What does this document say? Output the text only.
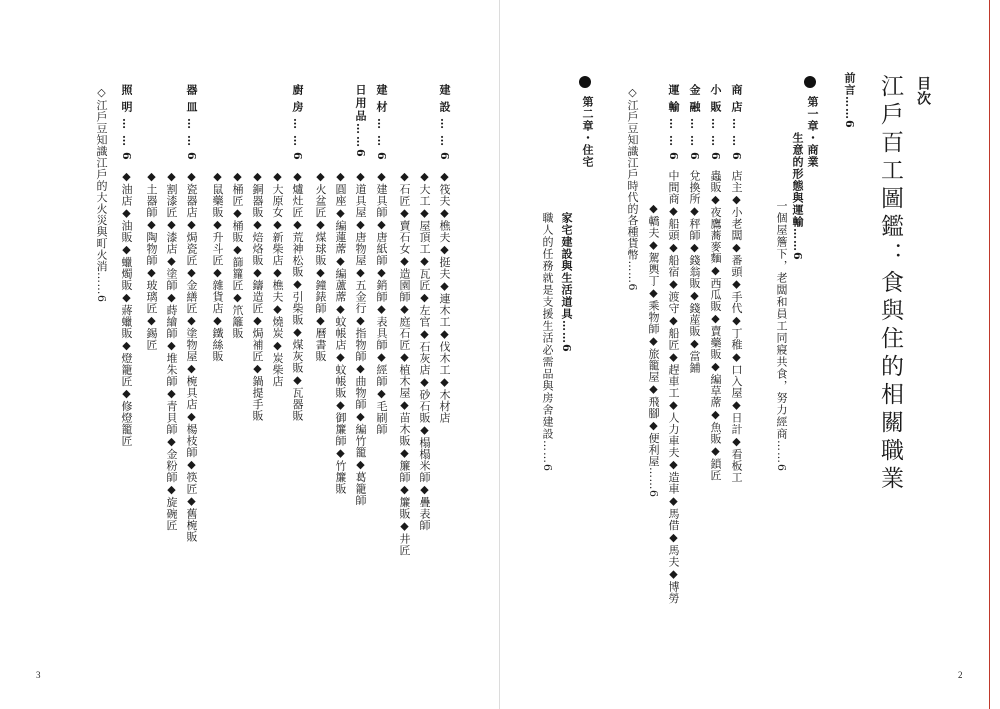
3	2
目次
江戶百工圖鑑：食與住的相關職業
前言……6
第一章・商業
生意的形態與運輸……6
一個屋簷下，老闆和員工同寢共食，努力經商……6
商店……6
店主◆小老闆◆番頭◆手代◆丁稚◆口入屋◆日計◆看板工
小販……6
蟲販◆夜鷹蕎麥麵◆西瓜販◆賣藥販◆編草蓆◆魚販◆鎖匠
金融……6
兌換所◆秤師◆錢翁販◆錢蓙販◆當鋪
運輸……6
中間商◆船頭◆船宿◆渡守◆船匠◆趕車工◆人力車夫◆造車◆馬借◆馬夫◆博勞
◆轎夫◆駕輿丁◆乘物師◆旅籠屋◆飛腳◆便利屋……6
◇江戶豆知識江戶時代的各種貨幣……6
第二章・住宅
家宅建設與生活道具……6
職人的任務就是支援生活必需品與房舍建設……6
建設……6
◆筏夫◆樵夫◆挺夫◆連木工◆伐木工◆木材店
◆大工◆屋頂工◆瓦匠◆左官◆石灰店◆砂石販◆榻榻米師◆疊表師
◆石匠◆賣石女◆造園師◆庭石匠◆植木屋◆苗木販◆簾師◆簾販◆井匠
建材……6
◆建具師◆唐紙師◆銷師◆表具師◆經師◆毛刷師
日用品……6
◆道具屋◆唐物屋◆五金行◆指物師◆曲物師◆編竹籠◆葛籠師
◆圓座◆編蓮蓆◆編蘆蓆◆蚊帳店◆蚊帳販◆御簾師◆竹簾販
◆火盆匠◆煤球販◆鐘錶師◆曆書販
廚房……6
◆爐灶匠◆荒神松販◆引柴販◆煤灰販◆瓦器販
◆大原女◆新柴店◆樵夫◆燒炭◆炭柴店
◆銅器販◆焙烙販◆鑄造匠◆焗補匠◆鍋提手販
◆桶匠◆桶販◆篩籮匠◆笊籬販
◆鼠藥販◆升斗匠◆雜貨店◆鐵絲販
器皿……6
◆瓷器店◆焗瓷匠◆金繕匠◆塗物屋◆椀具店◆楊枝師◆筷匠◆舊椀販
◆割漆匠◆漆店◆塗師◆蒔繪師◆堆朱師◆青貝師◆金粉師◆旋碗匠
◆土器師◆陶物師◆玻璃匠◆錫匠
照明……6
◆油店◆油販◆蠟燭販◆蔣蠟販◆燈籠匠◆修燈籠匠
◇江戶豆知識江戶的大火災與町火消……6
